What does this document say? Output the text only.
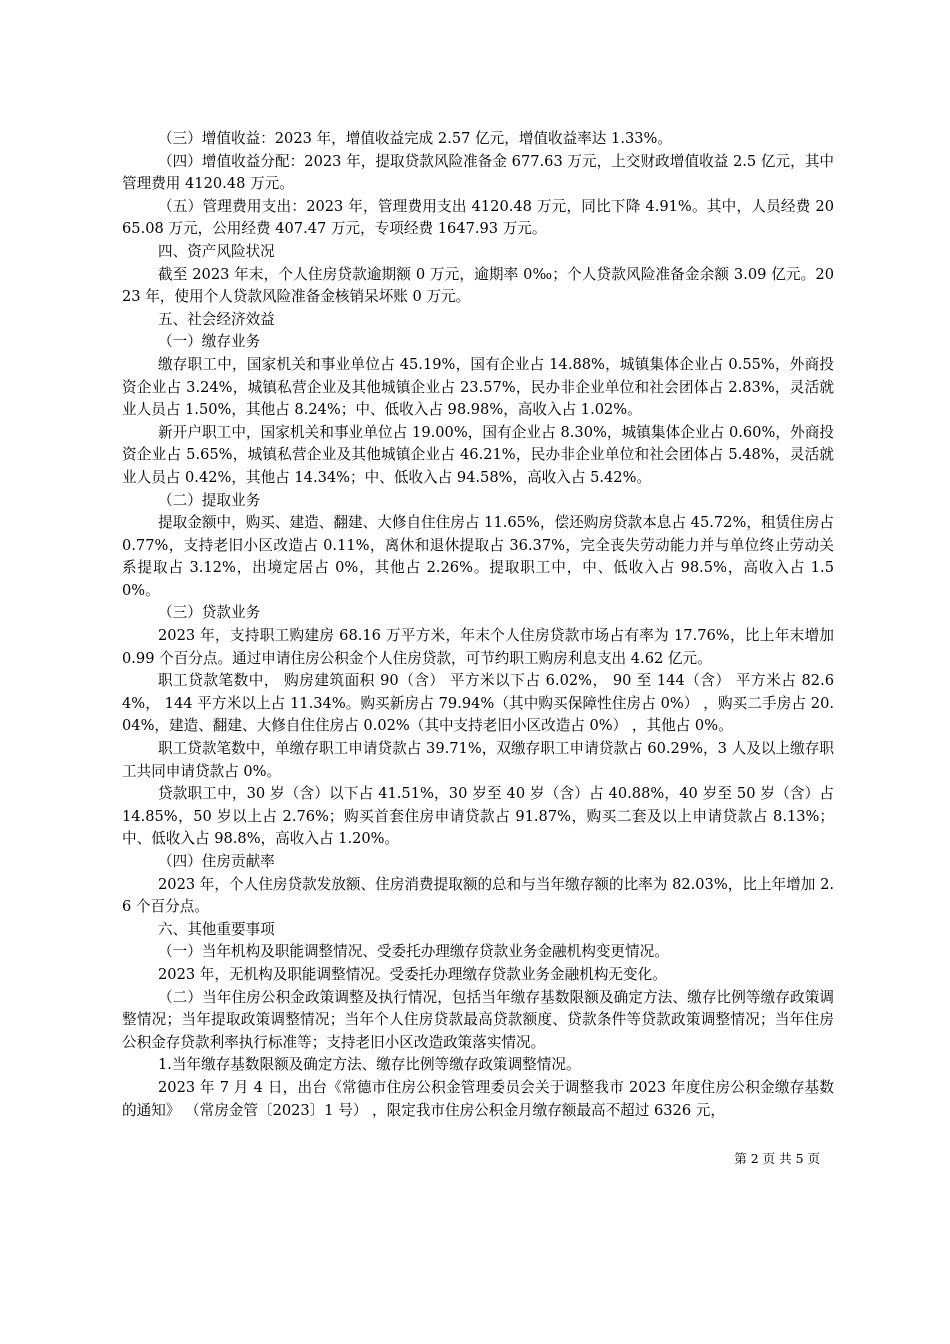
（三）增值收益：2023 年，增值收益完成 2.57 亿元，增值收益率达 1.33%。

（四）增值收益分配：2023 年，提取贷款风险准备金 677.63 万元，上交财政增值收益 2.5 亿元，其中管理费用 4120.48 万元。

（五）管理费用支出：2023 年，管理费用支出 4120.48 万元，同比下降 4.91%。其中，人员经费 2065.08 万元，公用经费 407.47 万元，专项经费 1647.93 万元。

四、资产风险状况

截至 2023 年末，个人住房贷款逾期额 0 万元，逾期率 0‰；个人贷款风险准备金余额 3.09 亿元。2023 年，使用个人贷款风险准备金核销呆坏账 0 万元。

五、社会经济效益

（一）缴存业务

缴存职工中，国家机关和事业单位占 45.19%，国有企业占 14.88%，城镇集体企业占 0.55%，外商投资企业占 3.24%，城镇私营企业及其他城镇企业占 23.57%，民办非企业单位和社会团体占 2.83%，灵活就业人员占 1.50%，其他占 8.24%；中、低收入占 98.98%，高收入占 1.02%。

新开户职工中，国家机关和事业单位占 19.00%，国有企业占 8.30%，城镇集体企业占 0.60%，外商投资企业占 5.65%，城镇私营企业及其他城镇企业占 46.21%，民办非企业单位和社会团体占 5.48%，灵活就业人员占 0.42%，其他占 14.34%；中、低收入占 94.58%，高收入占 5.42%。

（二）提取业务

提取金额中，购买、建造、翻建、大修自住住房占 11.65%，偿还购房贷款本息占 45.72%，租赁住房占 0.77%，支持老旧小区改造占 0.11%，离休和退休提取占 36.37%，完全丧失劳动能力并与单位终止劳动关系提取占 3.12%，出境定居占 0%，其他占 2.26%。提取职工中，中、低收入占 98.5%，高收入占 1.50%。

（三）贷款业务

2023 年，支持职工购建房 68.16 万平方米，年末个人住房贷款市场占有率为 17.76%，比上年末增加 0.99 个百分点。通过申请住房公积金个人住房贷款，可节约职工购房利息支出 4.62 亿元。

职工贷款笔数中， 购房建筑面积 90（含） 平方米以下占 6.02%， 90 至 144（含） 平方米占 82.64%， 144 平方米以上占 11.34%。购买新房占 79.94%（其中购买保障性住房占 0%） ，购买二手房占 20.04%，建造、翻建、大修自住住房占 0.02%（其中支持老旧小区改造占 0%） ，其他占 0%。

职工贷款笔数中，单缴存职工申请贷款占 39.71%，双缴存职工申请贷款占 60.29%，3 人及以上缴存职工共同申请贷款占 0%。

贷款职工中，30 岁（含）以下占 41.51%，30 岁至 40 岁（含）占 40.88%，40 岁至 50 岁（含）占 14.85%，50 岁以上占 2.76%；购买首套住房申请贷款占 91.87%，购买二套及以上申请贷款占 8.13%；中、低收入占 98.8%，高收入占 1.20%。

（四）住房贡献率

2023 年，个人住房贷款发放额、住房消费提取额的总和与当年缴存额的比率为 82.03%，比上年增加 2.6 个百分点。

六、其他重要事项

（一）当年机构及职能调整情况、受委托办理缴存贷款业务金融机构变更情况。

2023 年，无机构及职能调整情况。受委托办理缴存贷款业务金融机构无变化。

（二）当年住房公积金政策调整及执行情况，包括当年缴存基数限额及确定方法、缴存比例等缴存政策调整情况；当年提取政策调整情况；当年个人住房贷款最高贷款额度、贷款条件等贷款政策调整情况；当年住房公积金存贷款利率执行标准等；支持老旧小区改造政策落实情况。

1.当年缴存基数限额及确定方法、缴存比例等缴存政策调整情况。

2023 年 7 月 4 日，出台《常德市住房公积金管理委员会关于调整我市 2023 年度住房公积金缴存基数的通知》 （常房金管〔2023〕1 号） ，限定我市住房公积金月缴存额最高不超过 6326 元，

第 2 页 共 5 页
